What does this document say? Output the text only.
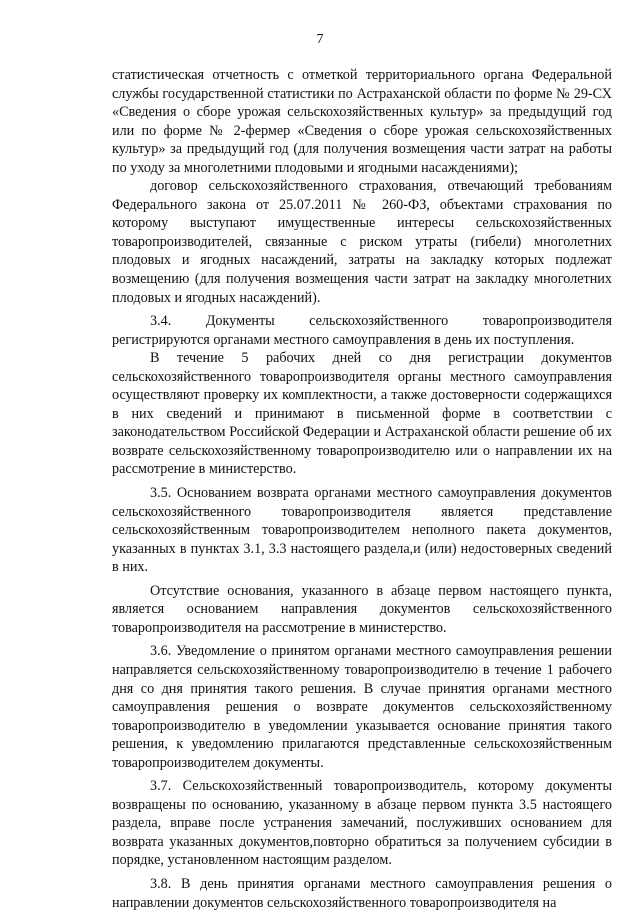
7

статистическая отчетность с отметкой территориального органа Федеральной службы государственной статистики по Астраханской области по форме № 29-СХ «Сведения о сборе урожая сельскохозяйственных культур» за предыдущий год или по форме № 2-фермер «Сведения о сборе урожая сельскохозяйственных культур» за предыдущий год (для получения возмещения части затрат на работы по уходу за многолетними плодовыми и ягодными насаждениями);

договор сельскохозяйственного страхования, отвечающий требованиям Федерального закона от 25.07.2011 № 260-ФЗ, объектами страхования по которому выступают имущественные интересы сельскохозяйственных товаропроизводителей, связанные с риском утраты (гибели) многолетних плодовых и ягодных насаждений, затраты на закладку которых подлежат возмещению (для получения возмещения части затрат на закладку многолетних плодовых и ягодных насаждений).

3.4. Документы сельскохозяйственного товаропроизводителя регистрируются органами местного самоуправления в день их поступления.

В течение 5 рабочих дней со дня регистрации документов сельскохозяйственного товаропроизводителя органы местного самоуправления осуществляют проверку их комплектности, а также достоверности содержащихся в них сведений и принимают в письменной форме в соответствии с законодательством Российской Федерации и Астраханской области решение об их возврате сельскохозяйственному товаропроизводителю или о направлении их на рассмотрение в министерство.

3.5. Основанием возврата органами местного самоуправления документов сельскохозяйственного товаропроизводителя является представление сельскохозяйственным товаропроизводителем неполного пакета документов, указанных в пунктах 3.1, 3.3 настоящего раздела,и (или) недостоверных сведений в них.

Отсутствие основания, указанного в абзаце первом настоящего пункта, является основанием направления документов сельскохозяйственного товаропроизводителя на рассмотрение в министерство.

3.6. Уведомление о принятом органами местного самоуправления решении направляется сельскохозяйственному товаропроизводителю в течение 1 рабочего дня со дня принятия такого решения. В случае принятия органами местного самоуправления решения о возврате документов сельскохозяйственному товаропроизводителю в уведомлении указывается основание принятия такого решения, к уведомлению прилагаются представленные сельскохозяйственным товаропроизводителем документы.

3.7. Сельскохозяйственный товаропроизводитель, которому документы возвращены по основанию, указанному в абзаце первом пункта 3.5 настоящего раздела, вправе после устранения замечаний, послуживших основанием для возврата указанных документов,повторно обратиться за получением субсидии в порядке, установленном настоящим разделом.

3.8. В день принятия органами местного самоуправления решения о направлении документов сельскохозяйственного товаропроизводителя на
